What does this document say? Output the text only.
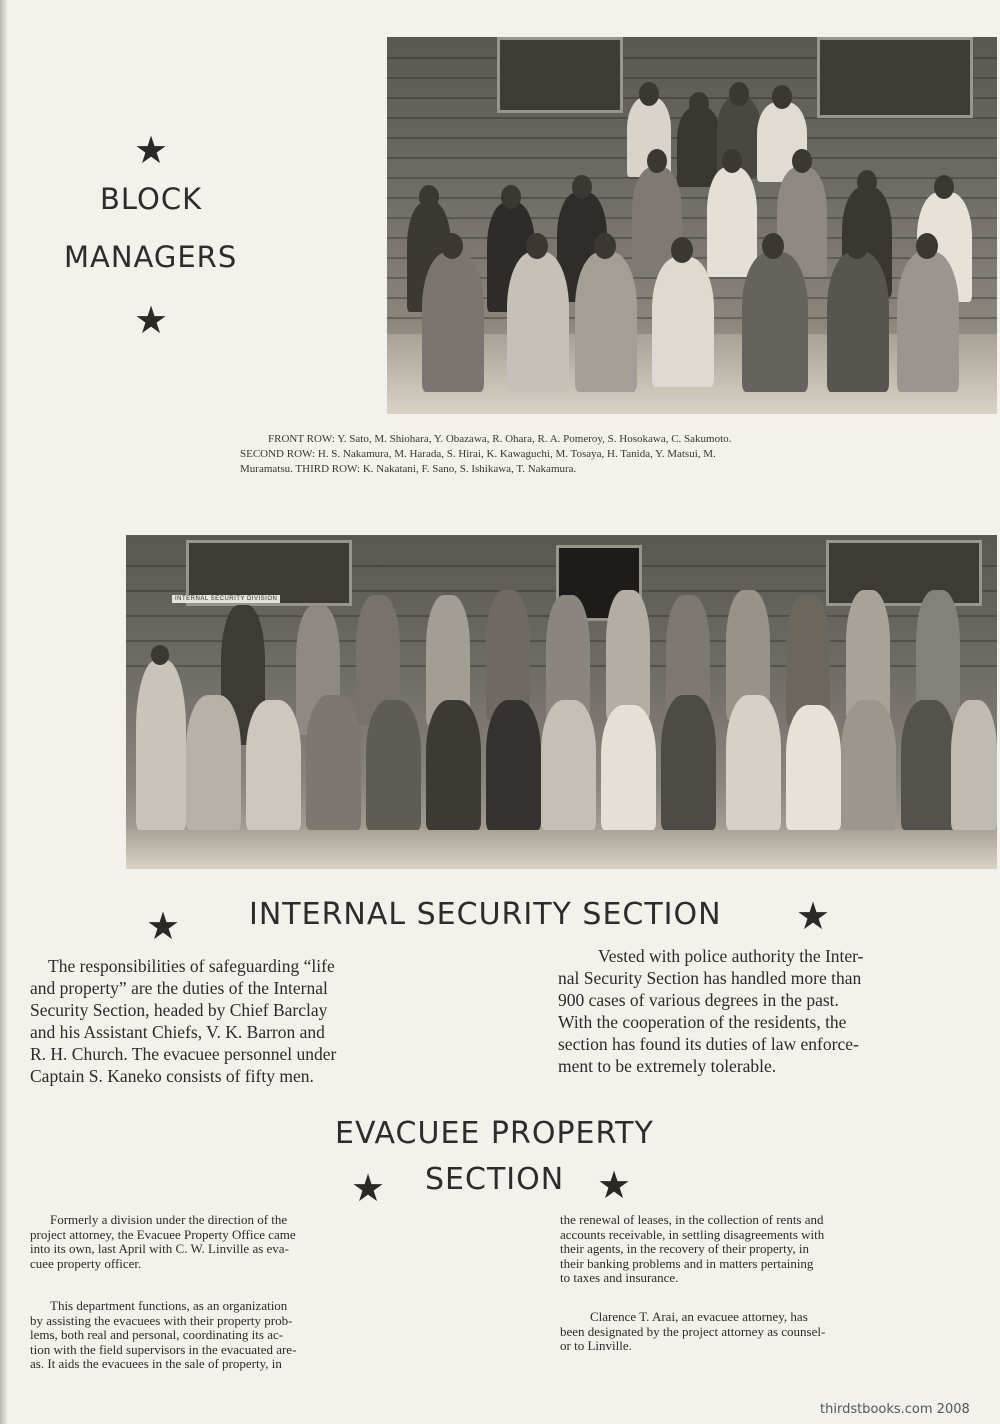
★
BLOCK
MANAGERS
★
FRONT ROW: Y. Sato, M. Shiohara, Y. Obazawa, R. Ohara, R. A. Pomeroy, S. Hosokawa, C. Sakumoto.
SECOND ROW: H. S. Nakamura, M. Harada, S. Hirai, K. Kawaguchi, M. Tosaya, H. Tanida, Y. Matsui, M.
Muramatsu. THIRD ROW: K. Nakatani, F. Sano, S. Ishikawa, T. Nakamura.
INTERNAL SECURITY DIVISION
★ INTERNAL SECURITY SECTION ★
The responsibilities of safeguarding “life
and property” are the duties of the Internal
Security Section, headed by Chief Barclay
and his Assistant Chiefs, V. K. Barron and
R. H. Church. The evacuee personnel under
Captain S. Kaneko consists of fifty men.
Vested with police authority the Inter-
nal Security Section has handled more than
900 cases of various degrees in the past.
With the cooperation of the residents, the
section has found its duties of law enforce-
ment to be extremely tolerable.
EVACUEE PROPERTY
★ SECTION ★
Formerly a division under the direction of the
project attorney, the Evacuee Property Office came
into its own, last April with C. W. Linville as eva-
cuee property officer.
This department functions, as an organization
by assisting the evacuees with their property prob-
lems, both real and personal, coordinating its ac-
tion with the field supervisors in the evacuated are-
as. It aids the evacuees in the sale of property, in
the renewal of leases, in the collection of rents and
accounts receivable, in settling disagreements with
their agents, in the recovery of their property, in
their banking problems and in matters pertaining
to taxes and insurance.
Clarence T. Arai, an evacuee attorney, has
been designated by the project attorney as counsel-
or to Linville.
thirdstbooks.com 2008
